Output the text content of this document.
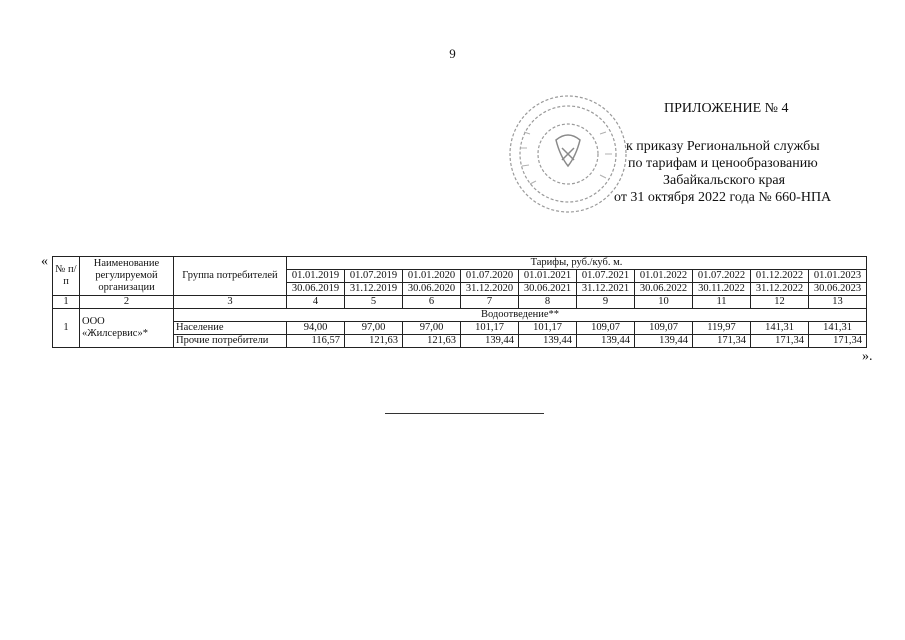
9
ПРИЛОЖЕНИЕ № 4
к приказу Региональной службы
по тарифам и ценообразованию
Забайкальского края
от 31 октября 2022 года № 660-НПА
«
№ п/п	Наименование регулируемой организации	Группа потребителей	Тарифы, руб./куб. м.									
			01.01.2019	01.07.2019	01.01.2020	01.07.2020	01.01.2021	01.07.2021	01.01.2022	01.07.2022	01.12.2022	01.01.2023
			30.06.2019	31.12.2019	30.06.2020	31.12.2020	30.06.2021	31.12.2021	30.06.2022	30.11.2022	31.12.2022	30.06.2023
1	2	3	4	5	6	7	8	9	10	11	12	13
1	ООО «Жилсервис»*	Водоотведение**										
		Население	94,00	97,00	97,00	101,17	101,17	109,07	109,07	119,97	141,31	141,31
		Прочие потребители	116,57	121,63	121,63	139,44	139,44	139,44	139,44	171,34	171,34	171,34
».
